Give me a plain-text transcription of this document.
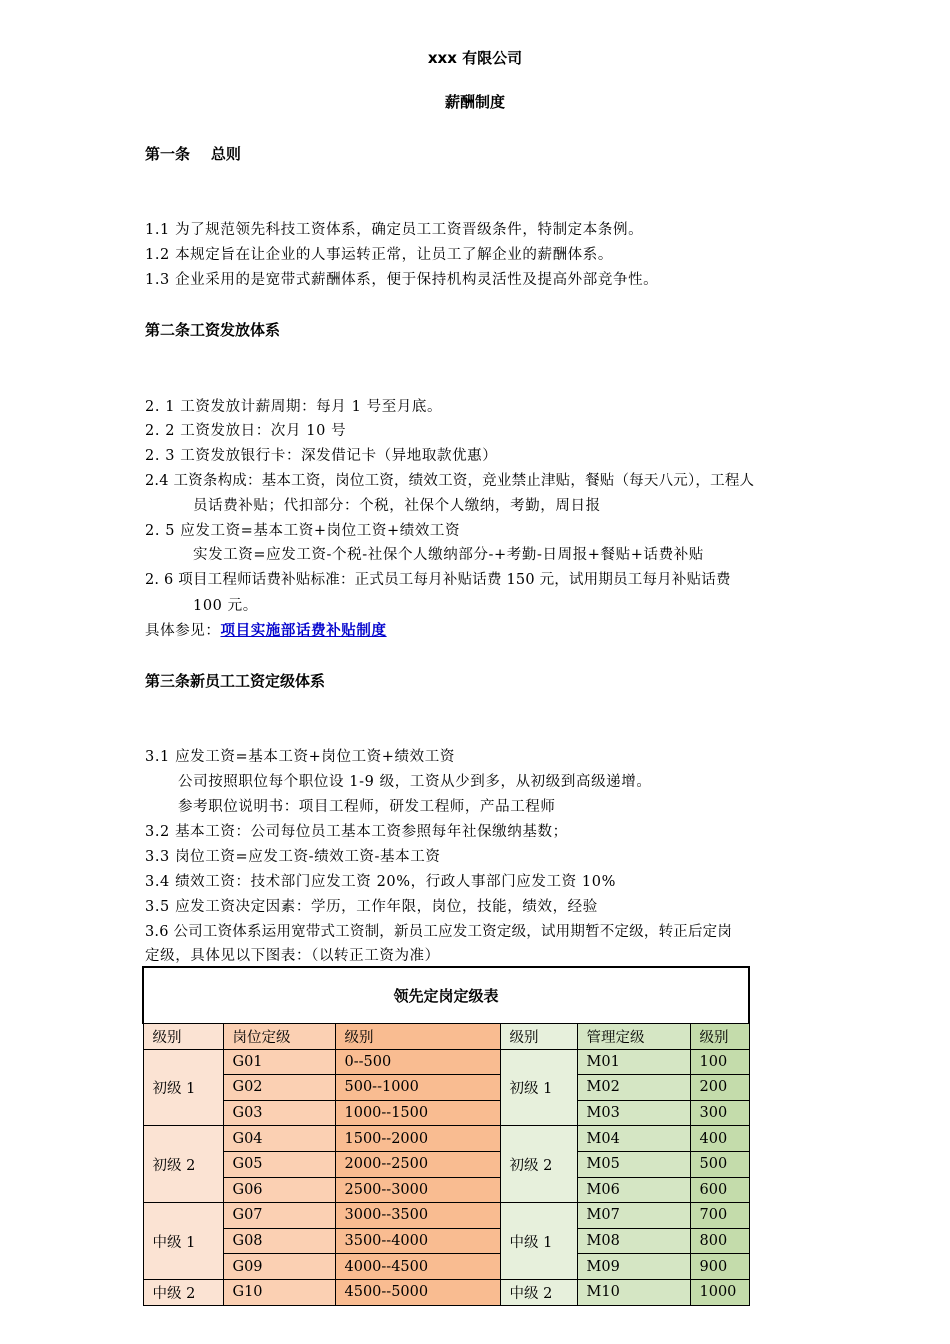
xxx 有限公司
薪酬制度
第一条    总则
1.1 为了规范领先科技工资体系，确定员工工资晋级条件，特制定本条例。
1.2 本规定旨在让企业的人事运转正常，让员工了解企业的薪酬体系。
1.3 企业采用的是宽带式薪酬体系，便于保持机构灵活性及提高外部竞争性。
第二条工资发放体系
2. 1 工资发放计薪周期：每月 1 号至月底。
2. 2 工资发放日：次月 10 号
2. 3 工资发放银行卡：深发借记卡（异地取款优惠）
2.4 工资条构成：基本工资，岗位工资，绩效工资，竞业禁止津贴，餐贴（每天八元），工程人
员话费补贴；代扣部分：个税，社保个人缴纳，考勤，周日报
2. 5 应发工资=基本工资+岗位工资+绩效工资
实发工资=应发工资-个税-社保个人缴纳部分-+考勤-日周报+餐贴+话费补贴
2. 6 项目工程师话费补贴标准：正式员工每月补贴话费 150 元，试用期员工每月补贴话费
100 元。
具体参见：项目实施部话费补贴制度
第三条新员工工资定级体系
3.1 应发工资=基本工资+岗位工资+绩效工资
公司按照职位每个职位设 1-9 级，工资从少到多，从初级到高级递增。
参考职位说明书：项目工程师，研发工程师，产品工程师
3.2 基本工资：公司每位员工基本工资参照每年社保缴纳基数；
3.3 岗位工资=应发工资-绩效工资-基本工资
3.4 绩效工资：技术部门应发工资 20%，行政人事部门应发工资 10%
3.5 应发工资决定因素：学历，工作年限，岗位，技能，绩效，经验
3.6 公司工资体系运用宽带式工资制，新员工应发工资定级，试用期暂不定级，转正后定岗
定级，具体见以下图表：（以转正工资为准）
领先定岗定级表					
级别	岗位定级	级别	级别	管理定级	级别
初级 1	G01	0--500	初级 1	M01	100
	G02	500--1000		M02	200
	G03	1000--1500		M03	300
初级 2	G04	1500--2000	初级 2	M04	400
	G05	2000--2500		M05	500
	G06	2500--3000		M06	600
中级 1	G07	3000--3500	中级 1	M07	700
	G08	3500--4000		M08	800
	G09	4000--4500		M09	900
中级 2	G10	4500--5000	中级 2	M10	1000
